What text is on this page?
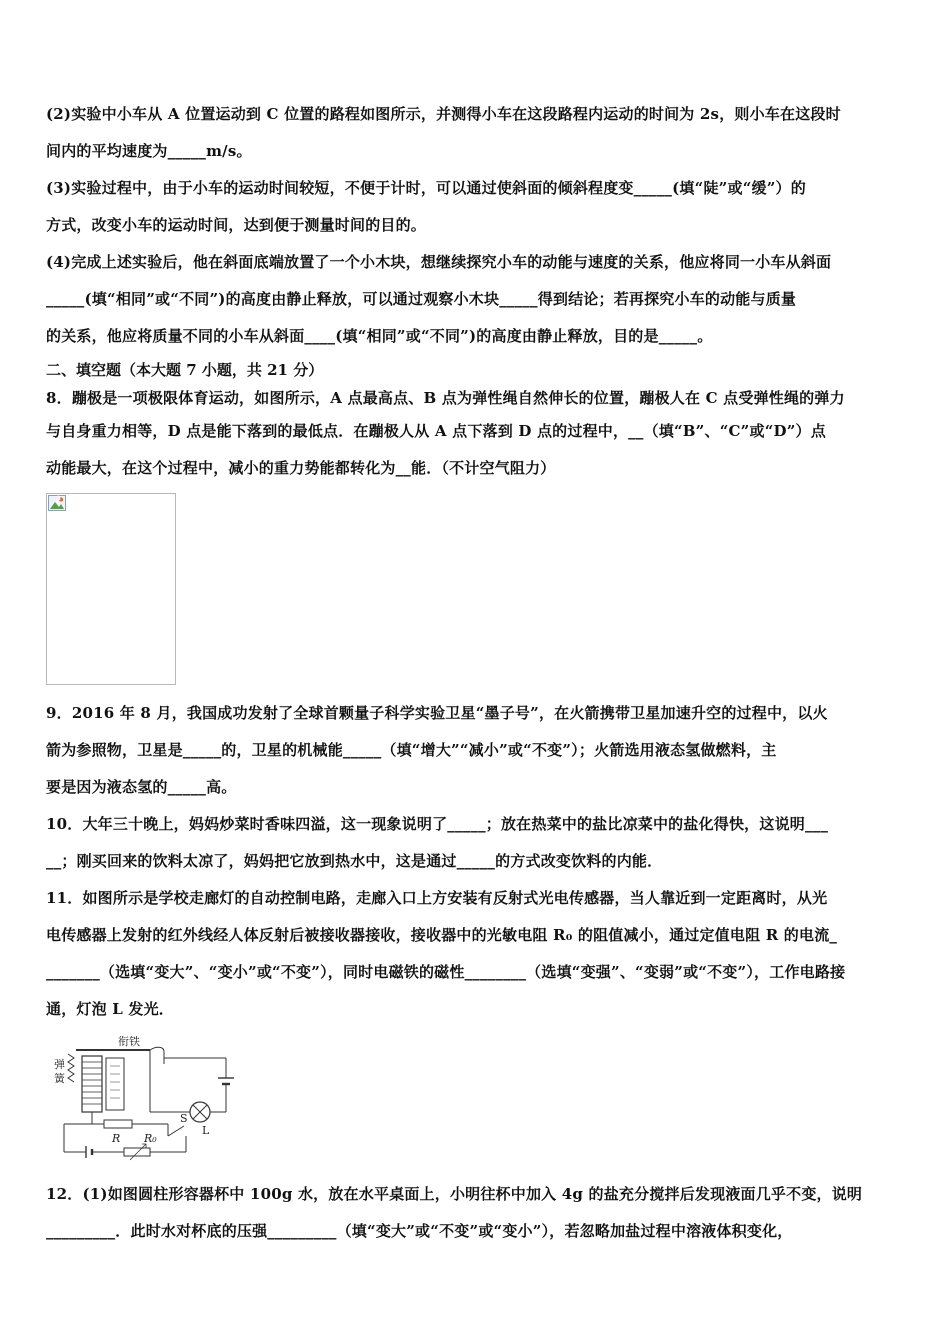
(2)实验中小车从 A 位置运动到 C 位置的路程如图所示，并测得小车在这段路程内运动的时间为 2s，则小车在这段时
间内的平均速度为_____m/s。
(3)实验过程中，由于小车的运动时间较短，不便于计时，可以通过使斜面的倾斜程度变_____(填“陡”或“缓”）的
方式，改变小车的运动时间，达到便于测量时间的目的。
(4)完成上述实验后，他在斜面底端放置了一个小木块，想继续探究小车的动能与速度的关系，他应将同一小车从斜面
_____(填“相同”或“不同”)的高度由静止释放，可以通过观察小木块_____得到结论；若再探究小车的动能与质量
的关系，他应将质量不同的小车从斜面____(填“相同”或“不同”)的高度由静止释放，目的是_____。
二、填空题（本大题 7 小题，共 21 分）
8．蹦极是一项极限体育运动，如图所示，A 点最高点、B 点为弹性绳自然伸长的位置，蹦极人在 C 点受弹性绳的弹力
与自身重力相等，D 点是能下落到的最低点．在蹦极人从 A 点下落到 D 点的过程中，__（填“B”、“C”或“D”）点
动能最大，在这个过程中，减小的重力势能都转化为__能．（不计空气阻力）
9．2016 年 8 月，我国成功发射了全球首颗量子科学实验卫星“墨子号”，在火箭携带卫星加速升空的过程中，以火
箭为参照物，卫星是_____的，卫星的机械能_____（填“增大”“减小”或“不变”）；火箭选用液态氢做燃料，主
要是因为液态氢的_____高。
10．大年三十晚上，妈妈炒菜时香味四溢，这一现象说明了_____；放在热菜中的盐比凉菜中的盐化得快，这说明___
__；刚买回来的饮料太凉了，妈妈把它放到热水中，这是通过_____的方式改变饮料的内能．
11．如图所示是学校走廊灯的自动控制电路，走廊入口上方安装有反射式光电传感器，当人靠近到一定距离时，从光
电传感器上发射的红外线经人体反射后被接收器接收，接收器中的光敏电阻 R₀ 的阻值减小，通过定值电阻 R 的电流_
_______（选填“变大”、“变小”或“不变”），同时电磁铁的磁性________（选填“变强”、“变弱”或“不变”），工作电路接
通，灯泡 L 发光．
弹
簧
衔铁
L
R
S
R₀
12．(1)如图圆柱形容器杯中 100g 水，放在水平桌面上，小明往杯中加入 4g 的盐充分搅拌后发现液面几乎不变，说明
_________．此时水对杯底的压强_________（填“变大”或“不变”或“变小”），若忽略加盐过程中溶液体积变化，
